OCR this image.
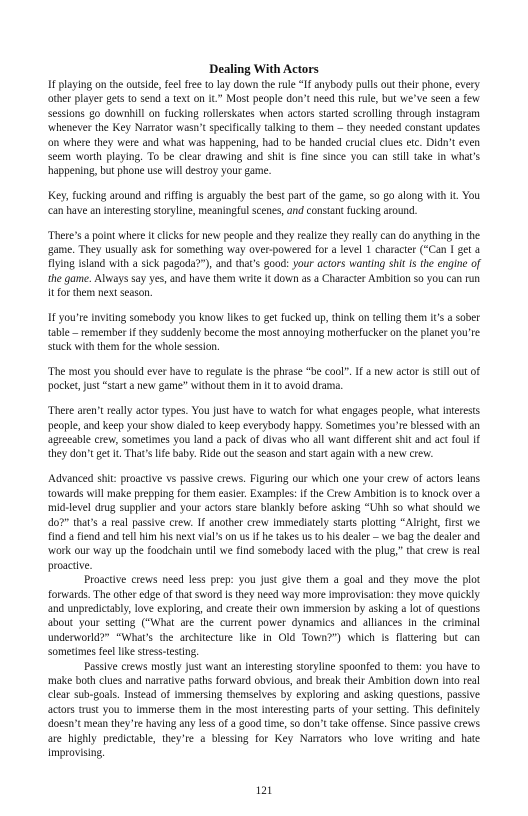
Dealing With Actors

If playing on the outside, feel free to lay down the rule “If anybody pulls out their phone, every other player gets to send a text on it.” Most people don’t need this rule, but we’ve seen a few sessions go downhill on fucking rollerskates when actors started scrolling through instagram whenever the Key Narrator wasn’t specifically talking to them – they needed constant updates on where they were and what was happening, had to be handed crucial clues etc. Didn’t even seem worth playing. To be clear drawing and shit is fine since you can still take in what’s happening, but phone use will destroy your game.

Key, fucking around and riffing is arguably the best part of the game, so go along with it. You can have an interesting storyline, meaningful scenes, and constant fucking around.

There’s a point where it clicks for new people and they realize they really can do anything in the game. They usually ask for something way over-powered for a level 1 character (“Can I get a flying island with a sick pagoda?”), and that’s good: your actors wanting shit is the engine of the game. Always say yes, and have them write it down as a Character Ambition so you can run it for them next season.

If you’re inviting somebody you know likes to get fucked up, think on telling them it’s a sober table – remember if they suddenly become the most annoying motherfucker on the planet you’re stuck with them for the whole session.

The most you should ever have to regulate is the phrase “be cool”. If a new actor is still out of pocket, just “start a new game” without them in it to avoid drama.

There aren’t really actor types. You just have to watch for what engages people, what interests people, and keep your show dialed to keep everybody happy. Sometimes you’re blessed with an agreeable crew, sometimes you land a pack of divas who all want different shit and act foul if they don’t get it. That’s life baby. Ride out the season and start again with a new crew.

Advanced shit: proactive vs passive crews. Figuring our which one your crew of actors leans towards will make prepping for them easier. Examples: if the Crew Ambition is to knock over a mid-level drug supplier and your actors stare blankly before asking “Uhh so what should we do?” that’s a real passive crew. If another crew immediately starts plotting “Alright, first we find a fiend and tell him his next vial’s on us if he takes us to his dealer – we bag the dealer and work our way up the foodchain until we find somebody laced with the plug,” that crew is real proactive.

Proactive crews need less prep: you just give them a goal and they move the plot forwards. The other edge of that sword is they need way more improvisation: they move quickly and unpredictably, love exploring, and create their own immersion by asking a lot of questions about your setting (“What are the current power dynamics and alliances in the criminal underworld?” “What’s the architecture like in Old Town?”) which is flattering but can sometimes feel like stress-testing.

Passive crews mostly just want an interesting storyline spoonfed to them: you have to make both clues and narrative paths forward obvious, and break their Ambition down into real clear sub-goals. Instead of immersing themselves by exploring and asking questions, passive actors trust you to immerse them in the most interesting parts of your setting. This definitely doesn’t mean they’re having any less of a good time, so don’t take offense. Since passive crews are highly predictable, they’re a blessing for Key Narrators who love writing and hate improvising.

121
